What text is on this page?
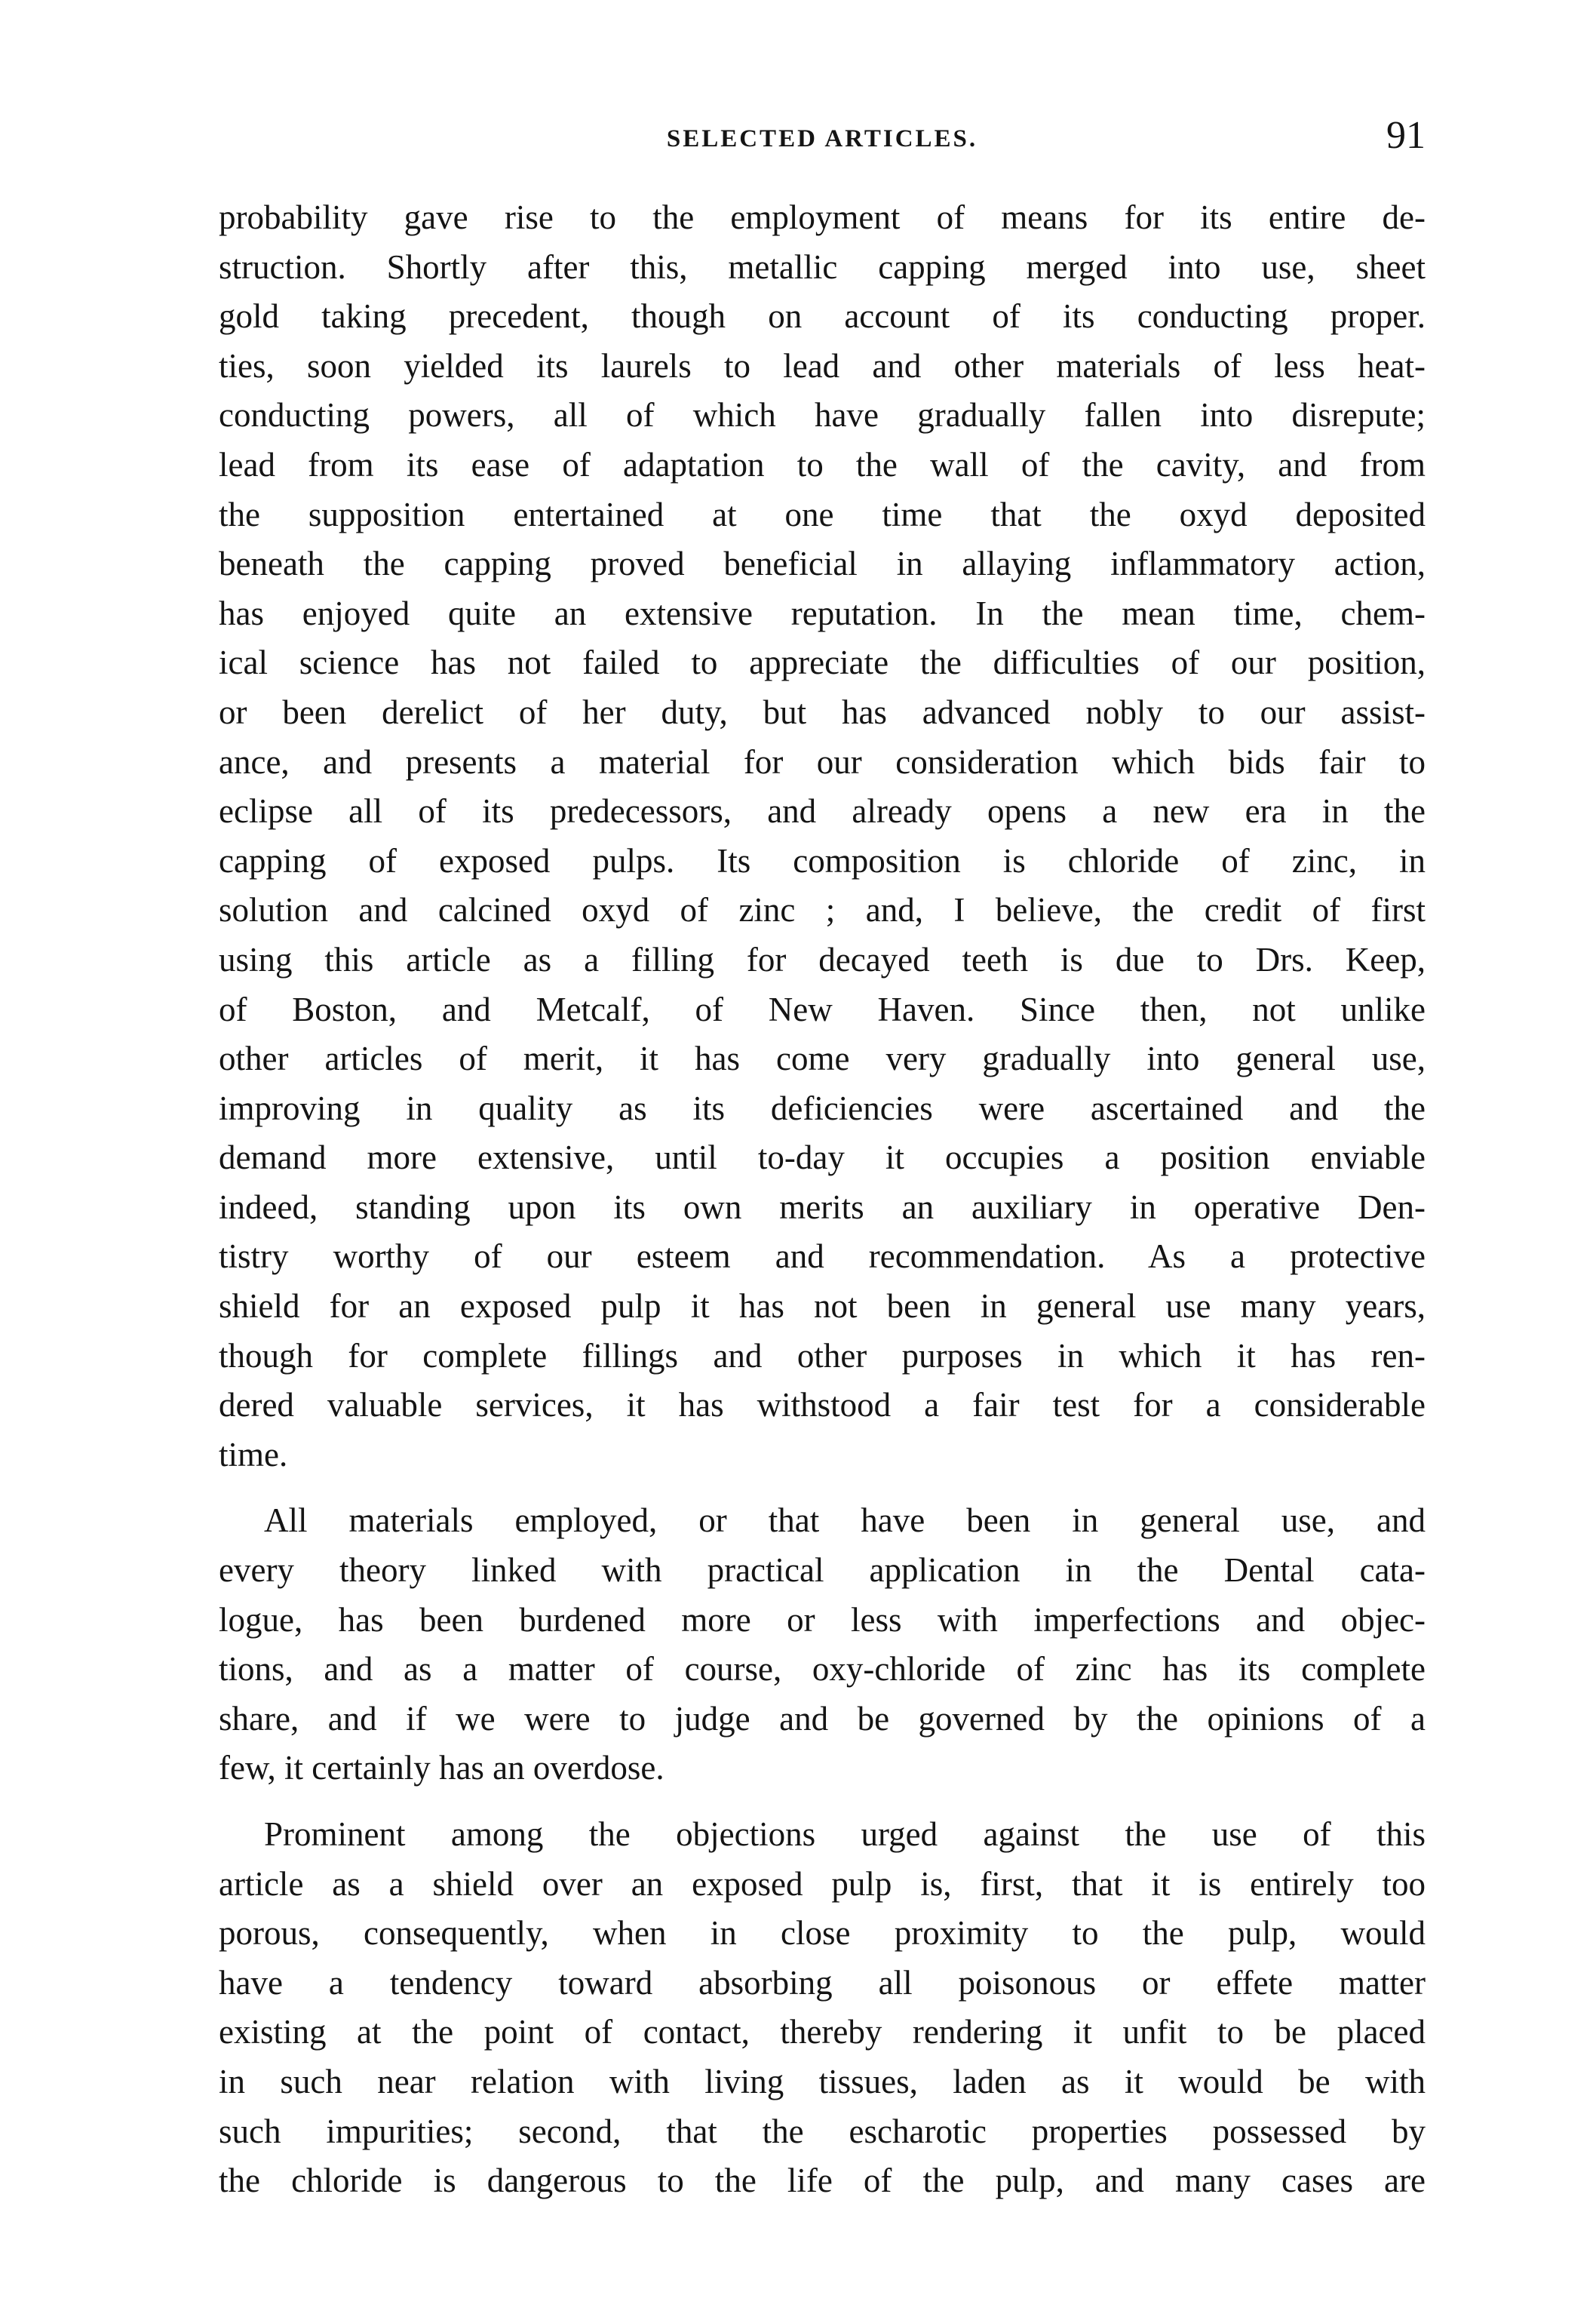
SELECTED ARTICLES.	91
probability gave rise to the employment of means for its entire de-
struction. Shortly after this, metallic capping merged into use, sheet
gold taking precedent, though on account of its conducting proper.
ties, soon yielded its laurels to lead and other materials of less heat-
conducting powers, all of which have gradually fallen into disrepute;
lead from its ease of adaptation to the wall of the cavity, and from
the supposition entertained at one time that the oxyd deposited
beneath the capping proved beneficial in allaying inflammatory action,
has enjoyed quite an extensive reputation. In the mean time, chem-
ical science has not failed to appreciate the difficulties of our position,
or been derelict of her duty, but has advanced nobly to our assist-
ance, and presents a material for our consideration which bids fair to
eclipse all of its predecessors, and already opens a new era in the
capping of exposed pulps. Its composition is chloride of zinc, in
solution and calcined oxyd of zinc ; and, I believe, the credit of first
using this article as a filling for decayed teeth is due to Drs. Keep,
of Boston, and Metcalf, of New Haven. Since then, not unlike
other articles of merit, it has come very gradually into general use,
improving in quality as its deficiencies were ascertained and the
demand more extensive, until to-day it occupies a position enviable
indeed, standing upon its own merits an auxiliary in operative Den-
tistry worthy of our esteem and recommendation. As a protective
shield for an exposed pulp it has not been in general use many years,
though for complete fillings and other purposes in which it has ren-
dered valuable services, it has withstood a fair test for a considerable
time.
All materials employed, or that have been in general use, and
every theory linked with practical application in the Dental cata-
logue, has been burdened more or less with imperfections and objec-
tions, and as a matter of course, oxy-chloride of zinc has its complete
share, and if we were to judge and be governed by the opinions of a
few, it certainly has an overdose.
Prominent among the objections urged against the use of this
article as a shield over an exposed pulp is, first, that it is entirely too
porous, consequently, when in close proximity to the pulp, would
have a tendency toward absorbing all poisonous or effete matter
existing at the point of contact, thereby rendering it unfit to be placed
in such near relation with living tissues, laden as it would be with
such impurities; second, that the escharotic properties possessed by
the chloride is dangerous to the life of the pulp, and many cases are
